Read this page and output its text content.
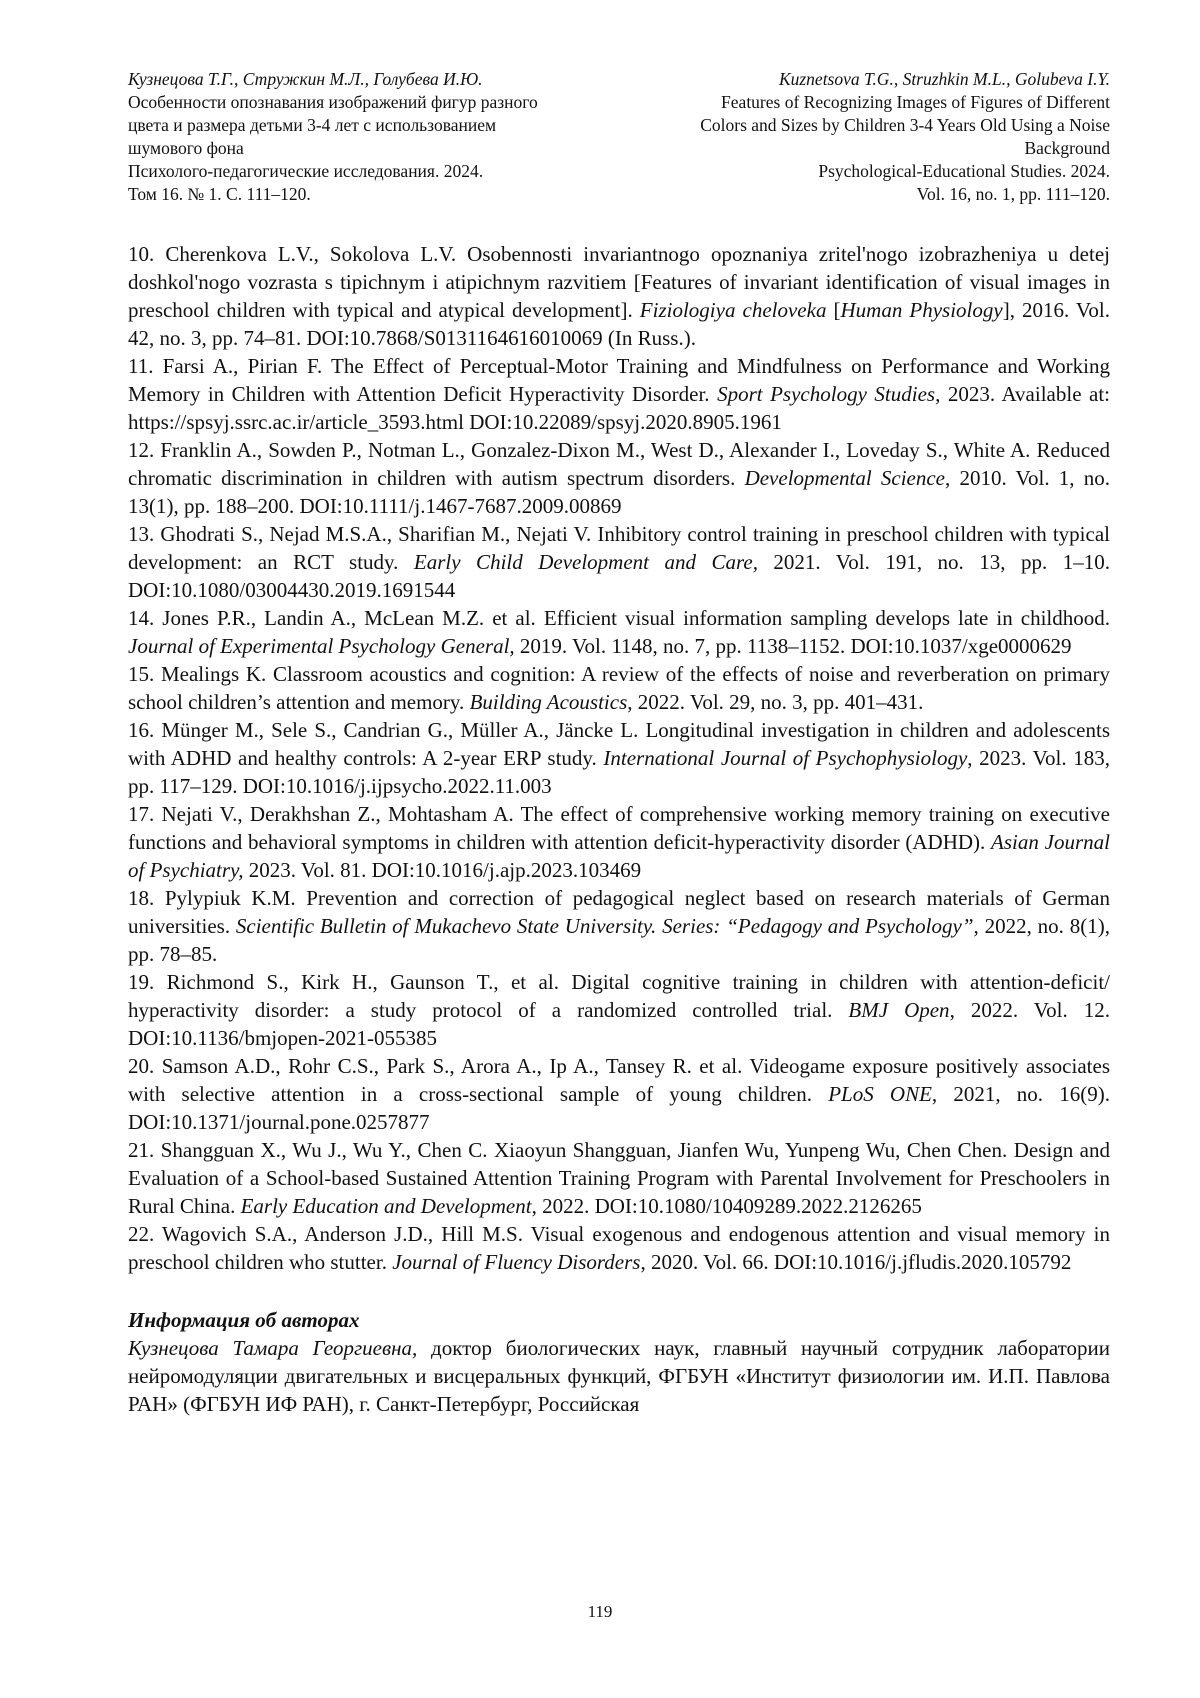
Кузнецова Т.Г., Стружкин М.Л., Голубева И.Ю.
Особенности опознавания изображений фигур разного
цвета и размера детьми 3-4 лет с использованием
шумового фона
Психолого-педагогические исследования. 2024.
Том 16. № 1. С. 111–120.
Kuznetsova T.G., Struzhkin M.L., Golubeva I.Y.
Features of Recognizing Images of Figures of Different
Colors and Sizes by Children 3-4 Years Old Using a Noise
Background
Psychological-Educational Studies. 2024.
Vol. 16, no. 1, pp. 111–120.

10. Cherenkova L.V., Sokolova L.V. Osobennosti invariantnogo opoznaniya zritel'nogo izobrazheniya u detej doshkol'nogo vozrasta s tipichnym i atipichnym razvitiem [Features of invariant identification of visual images in preschool children with typical and atypical development]. Fiziologiya cheloveka [Human Physiology], 2016. Vol. 42, no. 3, pp. 74–81. DOI:10.7868/S0131164616010069 (In Russ.).

11. Farsi A., Pirian F. The Effect of Perceptual-Motor Training and Mindfulness on Performance and Working Memory in Children with Attention Deficit Hyperactivity Disorder. Sport Psychology Studies, 2023. Available at: https://spsyj.ssrc.ac.ir/article_3593.html DOI:10.22089/spsyj.2020.8905.1961

12. Franklin A., Sowden P., Notman L., Gonzalez-Dixon M., West D., Alexander I., Loveday S., White A. Reduced chromatic discrimination in children with autism spectrum disorders. Developmental Science, 2010. Vol. 1, no. 13(1), pp. 188–200. DOI:10.1111/j.1467-7687.2009.00869

13. Ghodrati S., Nejad M.S.A., Sharifian M., Nejati V. Inhibitory control training in preschool children with typical development: an RCT study. Early Child Development and Care, 2021. Vol. 191, no. 13, pp. 1–10. DOI:10.1080/03004430.2019.1691544

14. Jones P.R., Landin A., McLean M.Z. et al. Efficient visual information sampling develops late in childhood. Journal of Experimental Psychology General, 2019. Vol. 1148, no. 7, pp. 1138–1152. DOI:10.1037/xge0000629

15. Mealings K. Classroom acoustics and cognition: A review of the effects of noise and reverberation on primary school children’s attention and memory. Building Acoustics, 2022. Vol. 29, no. 3, pp. 401–431.

16. Münger M., Sele S., Candrian G., Müller A., Jäncke L. Longitudinal investigation in children and adolescents with ADHD and healthy controls: A 2-year ERP study. International Journal of Psychophysiology, 2023. Vol. 183, pp. 117–129. DOI:10.1016/j.ijpsycho.2022.11.003

17. Nejati V., Derakhshan Z., Mohtasham A. The effect of comprehensive working memory training on executive functions and behavioral symptoms in children with attention deficit-hyperactivity disorder (ADHD). Asian Journal of Psychiatry, 2023. Vol. 81. DOI:10.1016/j.ajp.2023.103469

18. Pylypiuk K.M. Prevention and correction of pedagogical neglect based on research materials of German universities. Scientific Bulletin of Mukachevo State University. Series: “Pedagogy and Psychology”, 2022, no. 8(1), pp. 78–85.

19. Richmond S., Kirk H., Gaunson T., et al. Digital cognitive training in children with attention-deficit/ hyperactivity disorder: a study protocol of a randomized controlled trial. BMJ Open, 2022. Vol. 12. DOI:10.1136/bmjopen-2021-055385

20. Samson A.D., Rohr C.S., Park S., Arora A., Ip A., Tansey R. et al. Videogame exposure positively associates with selective attention in a cross-sectional sample of young children. PLoS ONE, 2021, no. 16(9). DOI:10.1371/journal.pone.0257877

21. Shangguan X., Wu J., Wu Y., Chen C. Xiaoyun Shangguan, Jianfen Wu, Yunpeng Wu, Chen Chen. Design and Evaluation of a School-based Sustained Attention Training Program with Parental Involvement for Preschoolers in Rural China. Early Education and Development, 2022. DOI:10.1080/10409289.2022.2126265

22. Wagovich S.A., Anderson J.D., Hill M.S. Visual exogenous and endogenous attention and visual memory in preschool children who stutter. Journal of Fluency Disorders, 2020. Vol. 66. DOI:10.1016/j.jfludis.2020.105792

Информация об авторах

Кузнецова Тамара Георгиевна, доктор биологических наук, главный научный сотрудник лаборатории нейромодуляции двигательных и висцеральных функций, ФГБУН «Институт физиологии им. И.П. Павлова РАН» (ФГБУН ИФ РАН), г. Санкт-Петербург, Российская

119
